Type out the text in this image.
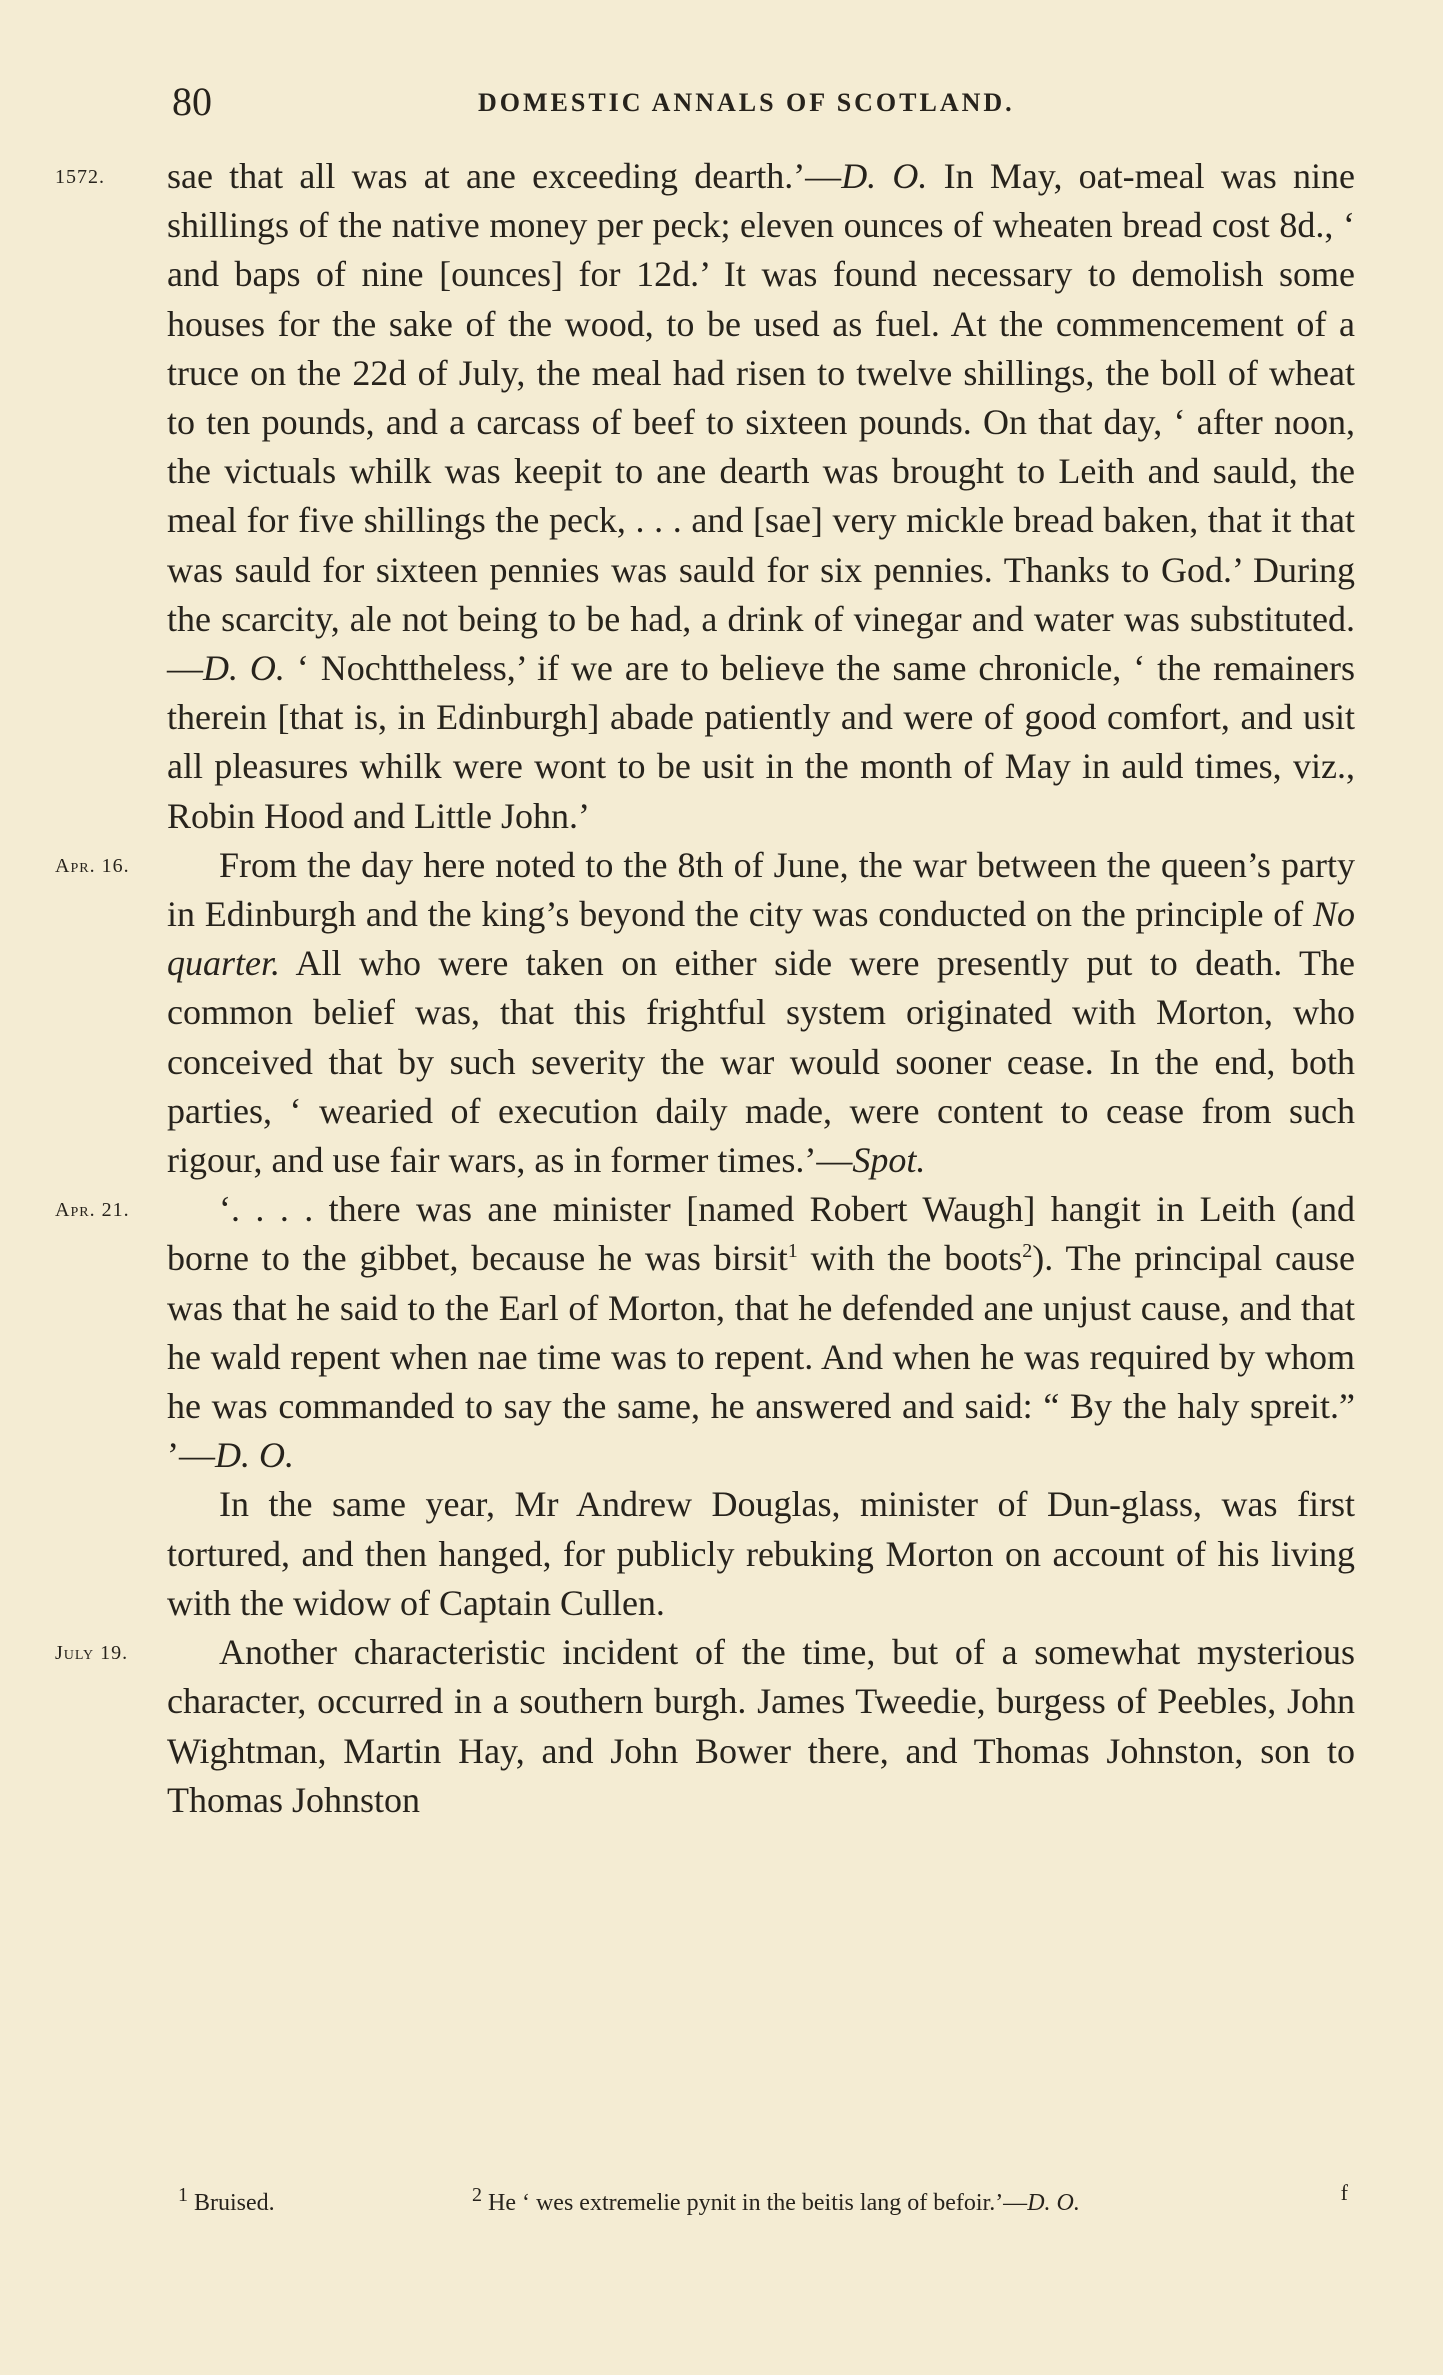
80	DOMESTIC ANNALS OF SCOTLAND.

1572.	sae that all was at ane exceeding dearth.’—D. O. In May, oat-meal was nine shillings of the native money per peck; eleven ounces of wheaten bread cost 8d., ‘ and baps of nine [ounces] for 12d.’ It was found necessary to demolish some houses for the sake of the wood, to be used as fuel. At the commencement of a truce on the 22d of July, the meal had risen to twelve shillings, the boll of wheat to ten pounds, and a carcass of beef to sixteen pounds. On that day, ‘ after noon, the victuals whilk was keepit to ane dearth was brought to Leith and sauld, the meal for five shillings the peck, . . . and [sae] very mickle bread baken, that it that was sauld for sixteen pennies was sauld for six pennies. Thanks to God.’ During the scarcity, ale not being to be had, a drink of vinegar and water was substituted.—D. O. ‘ Nochttheless,’ if we are to believe the same chronicle, ‘ the remainers therein [that is, in Edinburgh] abade patiently and were of good comfort, and usit all pleasures whilk were wont to be usit in the month of May in auld times, viz., Robin Hood and Little John.’

Apr. 16.	From the day here noted to the 8th of June, the war between the queen’s party in Edinburgh and the king’s beyond the city was conducted on the principle of No quarter. All who were taken on either side were presently put to death. The common belief was, that this frightful system originated with Morton, who conceived that by such severity the war would sooner cease. In the end, both parties, ‘ wearied of execution daily made, were content to cease from such rigour, and use fair wars, as in former times.’—Spot.

Apr. 21.	‘. . . . there was ane minister [named Robert Waugh] hangit in Leith (and borne to the gibbet, because he was birsit$^1$ with the boots$^2$). The principal cause was that he said to the Earl of Morton, that he defended ane unjust cause, and that he wald repent when nae time was to repent. And when he was required by whom he was commanded to say the same, he answered and said: “ By the haly spreit.” ’—D. O.

In the same year, Mr Andrew Douglas, minister of Dun-glass, was first tortured, and then hanged, for publicly rebuking Morton on account of his living with the widow of Captain Cullen.

July 19.	Another characteristic incident of the time, but of a somewhat mysterious character, occurred in a southern burgh. James Tweedie, burgess of Peebles, John Wightman, Martin Hay, and John Bower there, and Thomas Johnston, son to Thomas Johnston

$^1$ Bruised.	$^2$ He ‘ wes extremelie pynit in the beitis lang of befoir.’—D. O.	f
